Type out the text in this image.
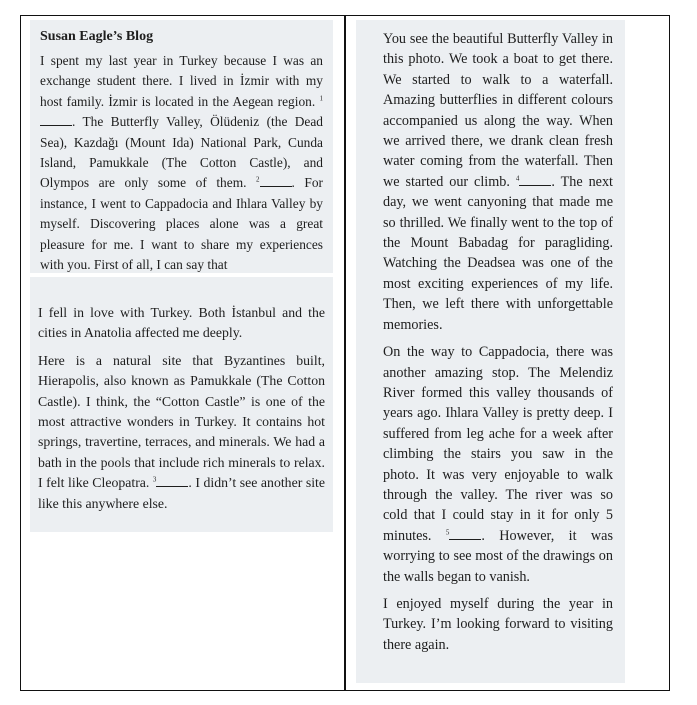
Susan Eagle’s Blog

I spent my last year in Turkey because I was an exchange student there. I lived in İzmir with my host family. İzmir is located in the Aegean region. $^1$. The Butterfly Valley, Ölüdeniz (the Dead Sea), Kazdağı (Mount Ida) National Park, Cunda Island, Pamukkale (The Cotton Castle), and Olympos are only some of them. $^2$ . For instance, I went to Cappadocia and Ihlara Valley by myself. Discovering places alone was a great pleasure for me. I want to share my experiences with you. First of all, I can say that

I fell in love with Turkey. Both İstanbul and the cities in Anatolia affected me deeply.

Here is a natural site that Byzantines built, Hierapolis, also known as Pamukkale (The Cotton Castle). I think, the “Cotton Castle” is one of the most attractive wonders in Turkey. It contains hot springs, travertine, terraces, and minerals. We had a bath in the pools that include rich minerals to relax. I felt like Cleopatra. $^3$ . I didn’t see another site like this anywhere else.

You see the beautiful Butterfly Valley in this photo. We took a boat to get there. We started to walk to a waterfall. Amazing butterflies in different colours accompanied us along the way. When we arrived there, we drank clean fresh water coming from the waterfall. Then we started our climb. $^4$ . The next day, we went canyoning that made me so thrilled. We finally went to the top of the Mount Babadag for paragliding. Watching the Deadsea was one of the most exciting experiences of my life. Then, we left there with unforgettable memories.

On the way to Cappadocia, there was another amazing stop. The Melendiz River formed this valley thousands of years ago. Ihlara Valley is pretty deep. I suffered from leg ache for a week after climbing the stairs you saw in the photo. It was very enjoyable to walk through the valley. The river was so cold that I could stay in it for only 5 minutes. $^5$ . However, it was worrying to see most of the drawings on the walls began to vanish.

I enjoyed myself during the year in Turkey. I’m looking forward to visiting there again.
